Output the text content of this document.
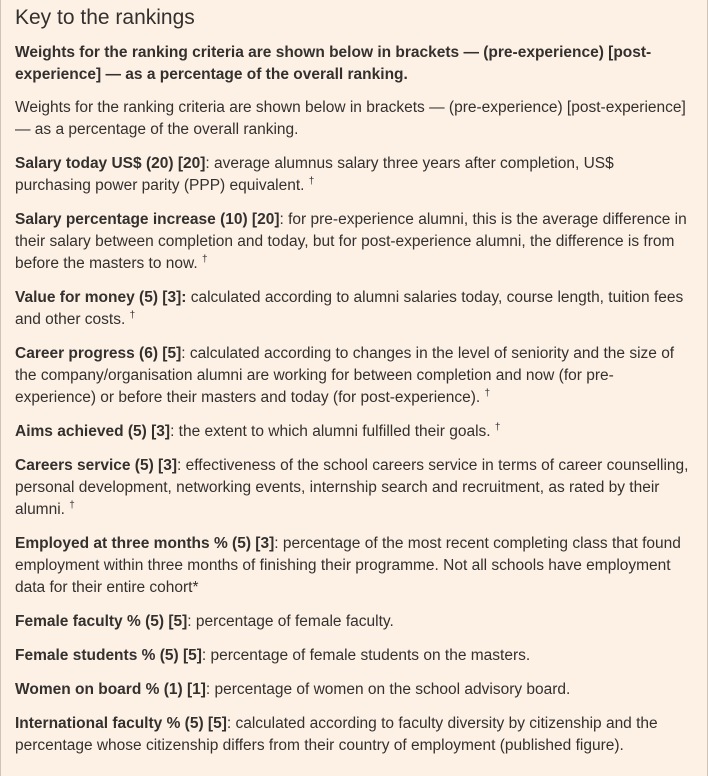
Key to the rankings

Weights for the ranking criteria are shown below in brackets — (pre-experience) [post-experience] — as a percentage of the overall ranking.

Weights for the ranking criteria are shown below in brackets — (pre-experience) [post-experience] — as a percentage of the overall ranking.

Salary today US$ (20) [20]: average alumnus salary three years after completion, US$ purchasing power parity (PPP) equivalent. †

Salary percentage increase (10) [20]: for pre-experience alumni, this is the average difference in their salary between completion and today, but for post-experience alumni, the difference is from before the masters to now. †

Value for money (5) [3]: calculated according to alumni salaries today, course length, tuition fees and other costs. †

Career progress (6) [5]: calculated according to changes in the level of seniority and the size of the company/organisation alumni are working for between completion and now (for pre-experience) or before their masters and today (for post-experience). †

Aims achieved (5) [3]: the extent to which alumni fulfilled their goals. †

Careers service (5) [3]: effectiveness of the school careers service in terms of career counselling, personal development, networking events, internship search and recruitment, as rated by their alumni. †

Employed at three months % (5) [3]: percentage of the most recent completing class that found employment within three months of finishing their programme. Not all schools have employment data for their entire cohort*

Female faculty % (5) [5]: percentage of female faculty.

Female students % (5) [5]: percentage of female students on the masters.

Women on board % (1) [1]: percentage of women on the school advisory board.

International faculty % (5) [5]: calculated according to faculty diversity by citizenship and the percentage whose citizenship differs from their country of employment (published figure).
